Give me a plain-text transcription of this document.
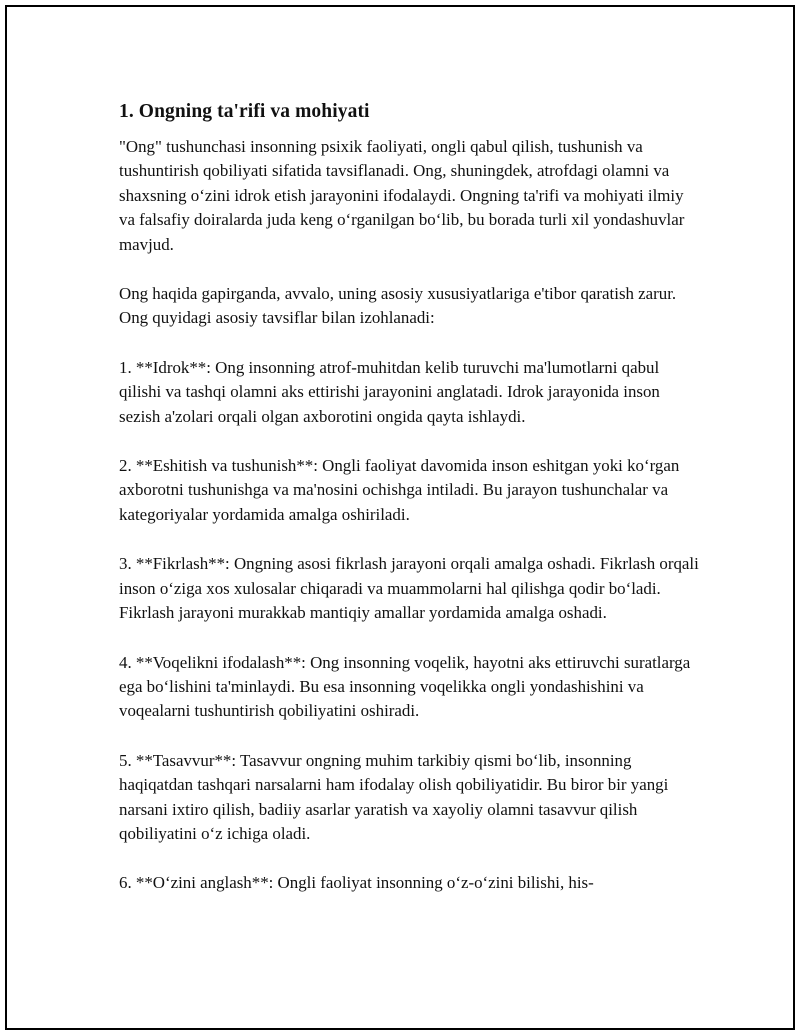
1. Ongning ta'rifi va mohiyati

"Ong" tushunchasi insonning psixik faoliyati, ongli qabul qilish, tushunish va tushuntirish qobiliyati sifatida tavsiflanadi. Ong, shuningdek, atrofdagi olamni va shaxsning o‘zini idrok etish jarayonini ifodalaydi. Ongning ta'rifi va mohiyati ilmiy va falsafiy doiralarda juda keng o‘rganilgan bo‘lib, bu borada turli xil yondashuvlar mavjud.

Ong haqida gapirganda, avvalo, uning asosiy xususiyatlariga e'tibor qaratish zarur. Ong quyidagi asosiy tavsiflar bilan izohlanadi:

1. **Idrok**: Ong insonning atrof-muhitdan kelib turuvchi ma'lumotlarni qabul qilishi va tashqi olamni aks ettirishi jarayonini anglatadi. Idrok jarayonida inson sezish a'zolari orqali olgan axborotini ongida qayta ishlaydi.

2. **Eshitish va tushunish**: Ongli faoliyat davomida inson eshitgan yoki ko‘rgan axborotni tushunishga va ma'nosini ochishga intiladi. Bu jarayon tushunchalar va kategoriyalar yordamida amalga oshiriladi.

3. **Fikrlash**: Ongning asosi fikrlash jarayoni orqali amalga oshadi. Fikrlash orqali inson o‘ziga xos xulosalar chiqaradi va muammolarni hal qilishga qodir bo‘ladi. Fikrlash jarayoni murakkab mantiqiy amallar yordamida amalga oshadi.

4. **Voqelikni ifodalash**: Ong insonning voqelik, hayotni aks ettiruvchi suratlarga ega bo‘lishini ta'minlaydi. Bu esa insonning voqelikka ongli yondashishini va voqealarni tushuntirish qobiliyatini oshiradi.

5. **Tasavvur**: Tasavvur ongning muhim tarkibiy qismi bo‘lib, insonning haqiqatdan tashqari narsalarni ham ifodalay olish qobiliyatidir. Bu biror bir yangi narsani ixtiro qilish, badiiy asarlar yaratish va xayoliy olamni tasavvur qilish qobiliyatini o‘z ichiga oladi.

6. **O‘zini anglash**: Ongli faoliyat insonning o‘z-o‘zini bilishi, his-
